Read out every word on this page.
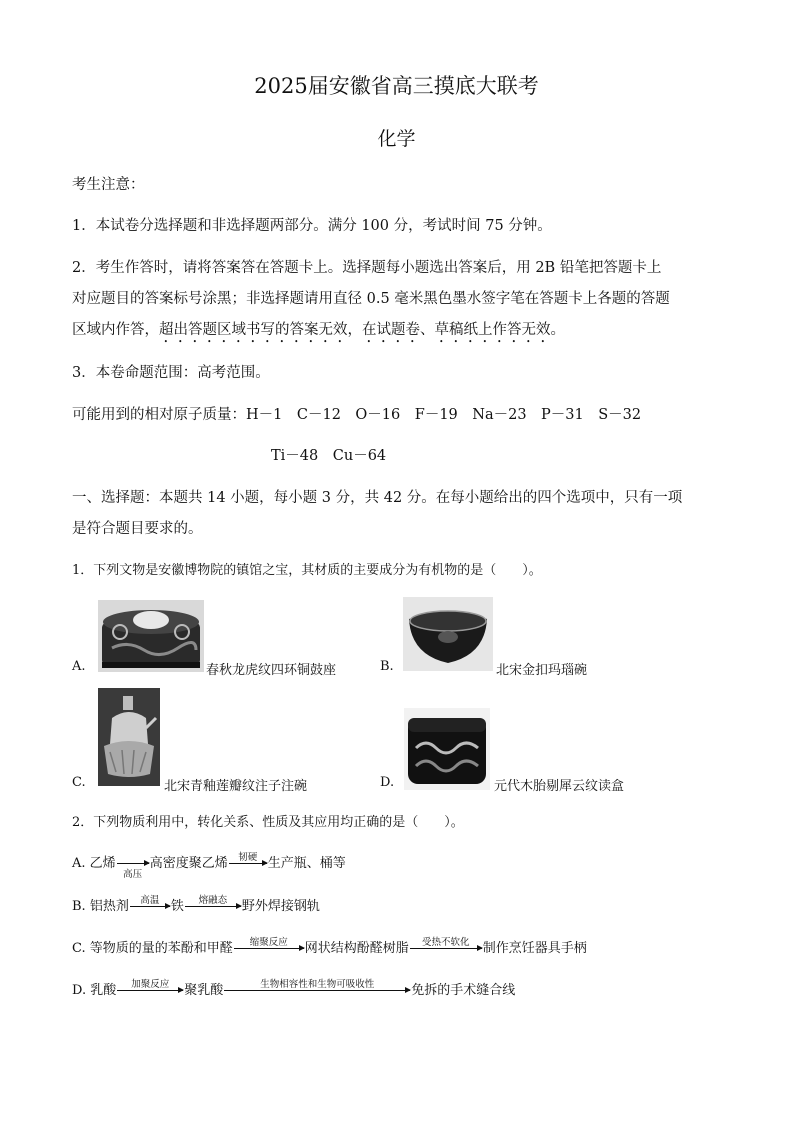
2025届安徽省高三摸底大联考
化学
考生注意：
1．本试卷分选择题和非选择题两部分。满分 100 分，考试时间 75 分钟。
2．考生作答时，请将答案答在答题卡上。选择题每小题选出答案后，用 2B 铅笔把答题卡上
对应题目的答案标号涂黑；非选择题请用直径 0.5 毫米黑色墨水签字笔在答题卡上各题的答题
区域内作答，超出答题区域书写的答案无效，在试题卷、草稿纸上作答无效。
3．本卷命题范围：高考范围。
可能用到的相对原子质量：H－1　C－12　O－16　F－19　Na－23　P－31　S－32
Ti－48　Cu－64
一、选择题：本题共 14 小题，每小题 3 分，共 42 分。在每小题给出的四个选项中，只有一项
是符合题目要求的。
1．下列文物是安徽博物院的镇馆之宝，其材质的主要成分为有机物的是（　　）。
A.	春秋龙虎纹四环铜鼓座	B.	北宋金扣玛瑙碗
C.	北宋青釉莲瓣纹注子注碗	D.	元代木胎剔犀云纹读盒
2．下列物质利用中，转化关系、性质及其应用均正确的是（　　）。
A. 乙烯
高压
高密度聚乙烯	韧硬 生产瓶、桶等
B. 铝热剂	高温 铁	熔融态	野外焊接钢轨
C. 等物质的量的苯酚和甲醛	缩聚反应	网状结构酚醛树脂	受热不软化	制作烹饪器具手柄
D. 乳酸	加聚反应	聚乳酸	生物相容性和生物可吸收性	免拆的手术缝合线
